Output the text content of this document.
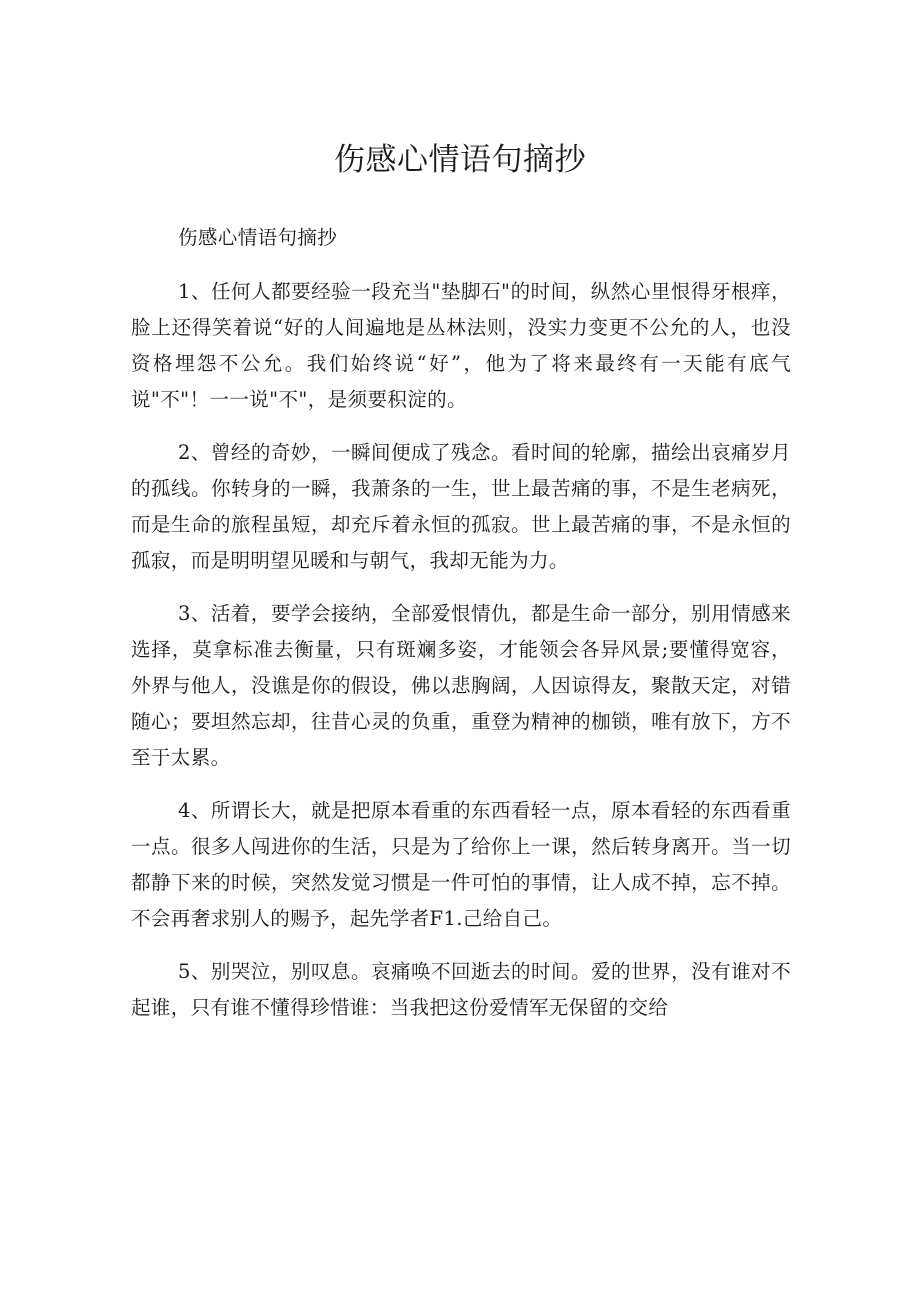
伤感心情语句摘抄

伤感心情语句摘抄

1、任何人都要经验一段充当"垫脚石"的时间，纵然心里恨得牙根痒，脸上还得笑着说“好的人间遍地是丛林法则，没实力变更不公允的人，也没资格埋怨不公允。我们始终说“好”，他为了将来最终有一天能有底气说"不"！一一说"不"，是须要积淀的。

2、曾经的奇妙，一瞬间便成了残念。看时间的轮廓，描绘出哀痛岁月的孤线。你转身的一瞬，我萧条的一生，世上最苦痛的事，不是生老病死，而是生命的旅程虽短，却充斥着永恒的孤寂。世上最苦痛的事，不是永恒的孤寂，而是明明望见暖和与朝气，我却无能为力。

3、活着，要学会接纳，全部爱恨情仇，都是生命一部分，别用情感来选择，莫拿标准去衡量，只有斑斓多姿，才能领会各异风景;要懂得宽容，外界与他人，没谯是你的假设，佛以悲胸阔，人因谅得友，聚散天定，对错随心；要坦然忘却，往昔心灵的负重，重登为精神的枷锁，唯有放下，方不至于太累。

4、所谓长大，就是把原本看重的东西看轻一点，原本看轻的东西看重一点。很多人闯进你的生活，只是为了给你上一课，然后转身离开。当一切都静下来的时候，突然发觉习惯是一件可怕的事情，让人成不掉，忘不掉。不会再奢求别人的赐予，起先学者F1.己给自己。

5、别哭泣，别叹息。哀痛唤不回逝去的时间。爱的世界，没有谁对不起谁，只有谁不懂得珍惜谁：当我把这份爱情军无保留的交给
